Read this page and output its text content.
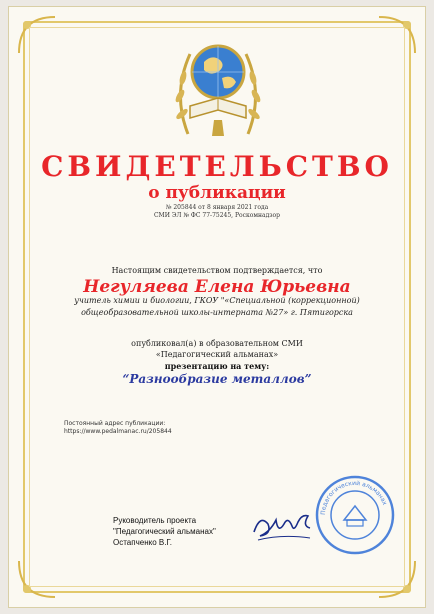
СВИДЕТЕЛЬСТВО
о публикации
СМИ ЭЛ № ФС 77-75245, Роскомнадзор
№ 205844 от 8 января 2021 года
Настоящим свидетельством подтверждается, что
Негуляева Елена Юрьевна
учитель химии и биологии, ГКОУ "«Специальной (коррекционной)
общеобразовательной школы-интерната №27» г. Пятигорска
опубликовал(а) в образовательном СМИ
«Педагогический альманах»
презентацию на тему:
“Разнообразие металлов”
Постоянный адрес публикации:
https://www.pedalmanac.ru/205844
Руководитель проекта
"Педагогический альманах"
Остапченко В.Г.
Педагогический альманах
